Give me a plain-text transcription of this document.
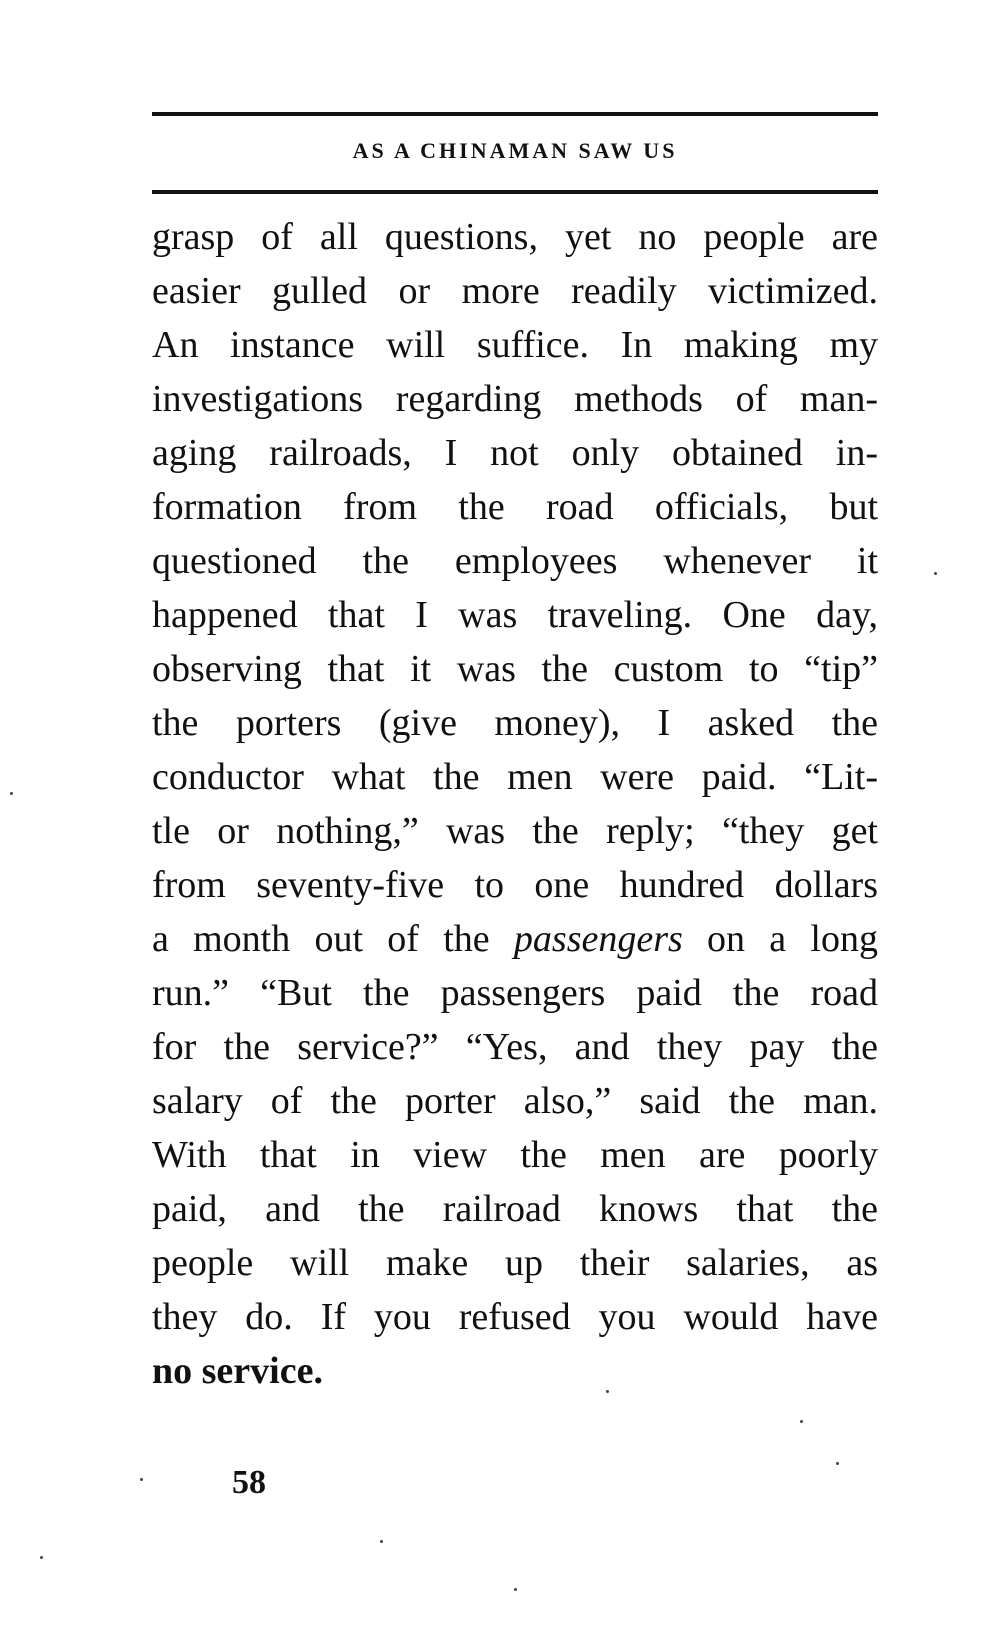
AS A CHINAMAN SAW US
grasp of all questions, yet no people are
easier gulled or more readily victimized.
An instance will suffice. In making my
investigations regarding methods of man-
aging railroads, I not only obtained in-
formation from the road officials, but
questioned the employees whenever it
happened that I was traveling. One day,
observing that it was the custom to “tip”
the porters (give money), I asked the
conductor what the men were paid. “Lit-
tle or nothing,” was the reply; “they get
from seventy-five to one hundred dollars
a month out of the passengers on a long
run.” “But the passengers paid the road
for the service?” “Yes, and they pay the
salary of the porter also,” said the man.
With that in view the men are poorly
paid, and the railroad knows that the
people will make up their salaries, as
they do. If you refused you would have
no service.
58
